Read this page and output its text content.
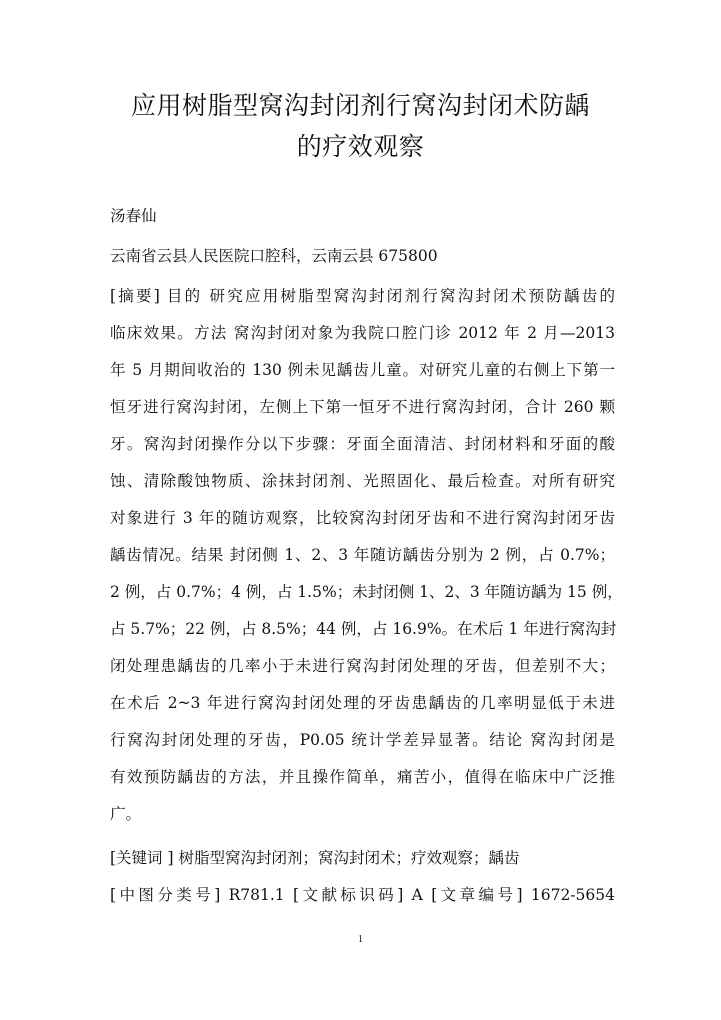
应用树脂型窝沟封闭剂行窝沟封闭术防龋
的疗效观察

汤春仙

云南省云县人民医院口腔科，云南云县 675800

[摘要] 目的 研究应用树脂型窝沟封闭剂行窝沟封闭术预防龋齿的

临床效果。方法 窝沟封闭对象为我院口腔门诊 2012 年 2 月—2013

年 5 月期间收治的 130 例未见龋齿儿童。对研究儿童的右侧上下第一

恒牙进行窝沟封闭，左侧上下第一恒牙不进行窝沟封闭，合计 260 颗

牙。窝沟封闭操作分以下步骤：牙面全面清洁、封闭材料和牙面的酸

蚀、清除酸蚀物质、涂抹封闭剂、光照固化、最后检查。对所有研究

对象进行 3 年的随访观察，比较窝沟封闭牙齿和不进行窝沟封闭牙齿

龋齿情况。结果 封闭侧 1、2、3 年随访龋齿分别为 2 例，占 0.7%；

2 例，占 0.7%；4 例，占 1.5%；未封闭侧 1、2、3 年随访龋为 15 例，

占 5.7%；22 例，占 8.5%；44 例，占 16.9%。在术后 1 年进行窝沟封

闭处理患龋齿的几率小于未进行窝沟封闭处理的牙齿，但差别不大；

在术后 2~3 年进行窝沟封闭处理的牙齿患龋齿的几率明显低于未进

行窝沟封闭处理的牙齿，P0.05 统计学差异显著。结论 窝沟封闭是

有效预防龋齿的方法，并且操作简单，痛苦小，值得在临床中广泛推

广。

[关键词 ] 树脂型窝沟封闭剂；窝沟封闭术；疗效观察；龋齿

[中图分类号] R781.1 [文献标识码] A [文章编号] 1672-5654

1
